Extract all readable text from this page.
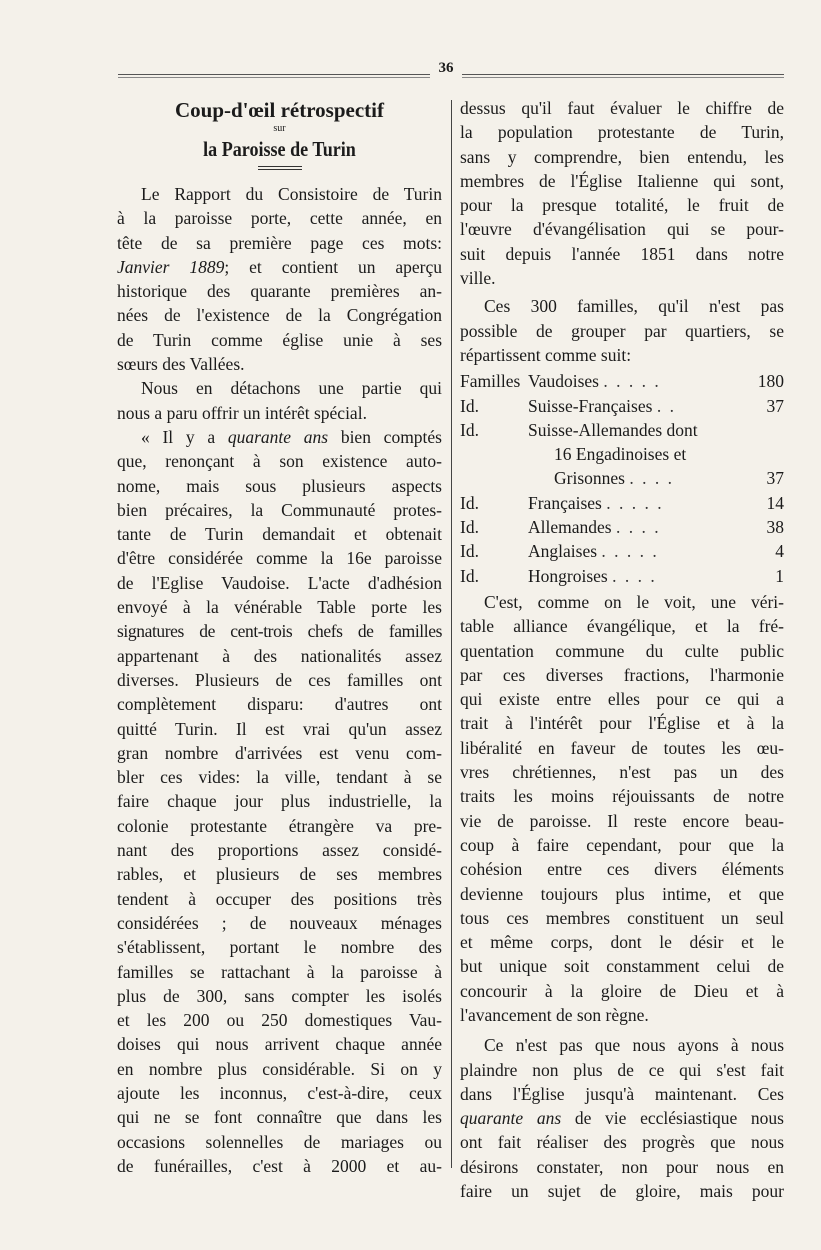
36
Coup-d'œil rétrospectif

sur

la Paroisse de Turin
Le Rapport du Consistoire de Turin
à la paroisse porte, cette année, en
tête de sa première page ces mots:
Janvier 1889; et contient un aperçu
historique des quarante premières an-
nées de l'existence de la Congrégation
de Turin comme église unie à ses
sœurs des Vallées.
Nous en détachons une partie qui
nous a paru offrir un intérêt spécial.
« Il y a quarante ans bien comptés
que, renonçant à son existence auto-
nome, mais sous plusieurs aspects
bien précaires, la Communauté protes-
tante de Turin demandait et obtenait
d'être considérée comme la 16e paroisse
de l'Eglise Vaudoise. L'acte d'adhésion
envoyé à la vénérable Table porte les
signatures de cent-trois chefs de familles
appartenant à des nationalités assez
diverses. Plusieurs de ces familles ont
complètement disparu: d'autres ont
quitté Turin. Il est vrai qu'un assez
gran nombre d'arrivées est venu com-
bler ces vides: la ville, tendant à se
faire chaque jour plus industrielle, la
colonie protestante étrangère va pre-
nant des proportions assez considé-
rables, et plusieurs de ses membres
tendent à occuper des positions très
considérées ; de nouveaux ménages
s'établissent, portant le nombre des
familles se rattachant à la paroisse à
plus de 300, sans compter les isolés
et les 200 ou 250 domestiques Vau-
doises qui nous arrivent chaque année
en nombre plus considérable. Si on y
ajoute les inconnus, c'est-à-dire, ceux
qui ne se font connaître que dans les
occasions solennelles de mariages ou
de funérailles, c'est à 2000 et au-
dessus qu'il faut évaluer le chiffre de
la population protestante de Turin,
sans y comprendre, bien entendu, les
membres de l'Église Italienne qui sont,
pour la presque totalité, le fruit de
l'œuvre d'évangélisation qui se pour-
suit depuis l'année 1851 dans notre
ville.
Ces 300 familles, qu'il n'est pas
possible de grouper par quartiers, se
répartissent comme suit:
Familles	Vaudoises . . . . .	180
Id.	Suisse-Françaises . .	37
Id.	Suisse-Allemandes dont	
	16 Engadinoises et	
	Grisonnes . . . .	37
Id.	Françaises . . . . .	14
Id.	Allemandes . . . .	38
Id.	Anglaises . . . . .	4
Id.	Hongroises . . . .	1
C'est, comme on le voit, une véri-
table alliance évangélique, et la fré-
quentation commune du culte public
par ces diverses fractions, l'harmonie
qui existe entre elles pour ce qui a
trait à l'intérêt pour l'Église et à la
libéralité en faveur de toutes les œu-
vres chrétiennes, n'est pas un des
traits les moins réjouissants de notre
vie de paroisse. Il reste encore beau-
coup à faire cependant, pour que la
cohésion entre ces divers éléments
devienne toujours plus intime, et que
tous ces membres constituent un seul
et même corps, dont le désir et le
but unique soit constamment celui de
concourir à la gloire de Dieu et à
l'avancement de son règne.
Ce n'est pas que nous ayons à nous
plaindre non plus de ce qui s'est fait
dans l'Église jusqu'à maintenant. Ces
quarante ans de vie ecclésiastique nous
ont fait réaliser des progrès que nous
désirons constater, non pour nous en
faire un sujet de gloire, mais pour
